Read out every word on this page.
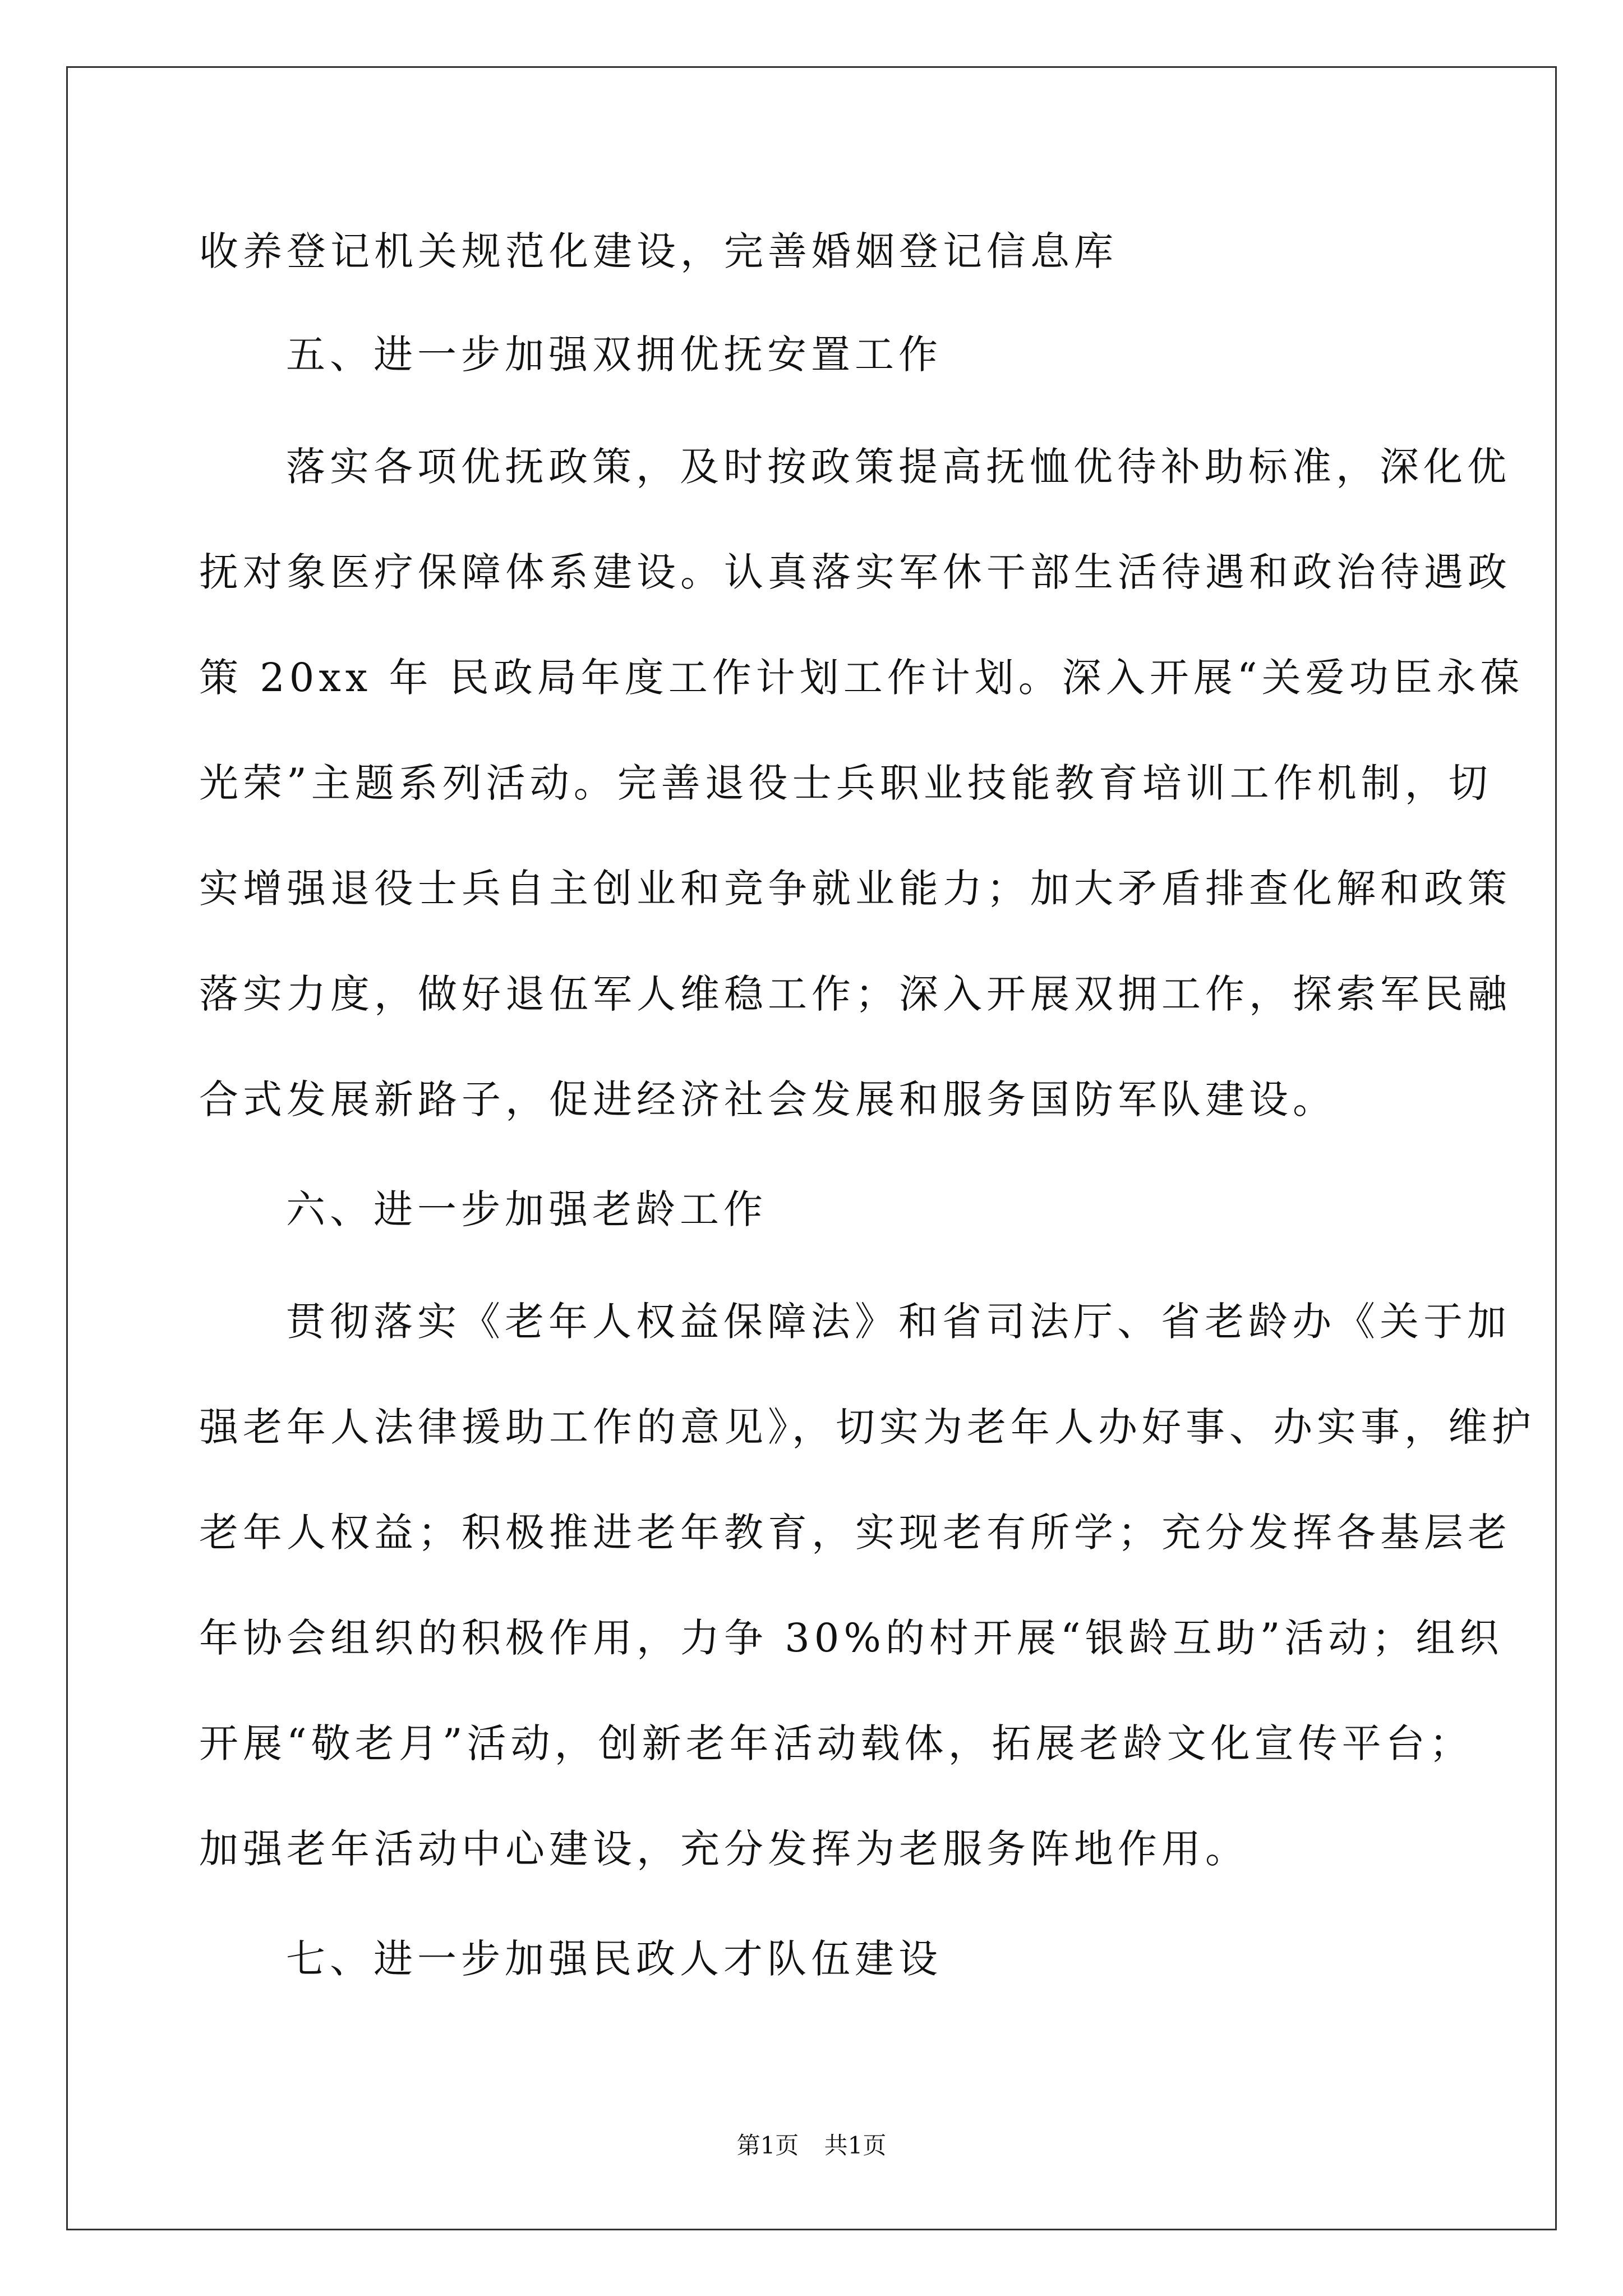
收养登记机关规范化建设，完善婚姻登记信息库
五、进一步加强双拥优抚安置工作
落实各项优抚政策，及时按政策提高抚恤优待补助标准，深化优
抚对象医疗保障体系建设。认真落实军休干部生活待遇和政治待遇政
策 20xx 年 民政局年度工作计划工作计划。深入开展“关爱功臣永葆
光荣”主题系列活动。完善退役士兵职业技能教育培训工作机制，切
实增强退役士兵自主创业和竞争就业能力；加大矛盾排查化解和政策
落实力度，做好退伍军人维稳工作；深入开展双拥工作，探索军民融
合式发展新路子，促进经济社会发展和服务国防军队建设。
六、进一步加强老龄工作
贯彻落实《老年人权益保障法》和省司法厅、省老龄办《关于加
强老年人法律援助工作的意见》，切实为老年人办好事、办实事，维护
老年人权益；积极推进老年教育，实现老有所学；充分发挥各基层老
年协会组织的积极作用，力争 30%的村开展“银龄互助”活动；组织
开展“敬老月”活动，创新老年活动载体，拓展老龄文化宣传平台；
加强老年活动中心建设，充分发挥为老服务阵地作用。
七、进一步加强民政人才队伍建设
第1页 共1页
